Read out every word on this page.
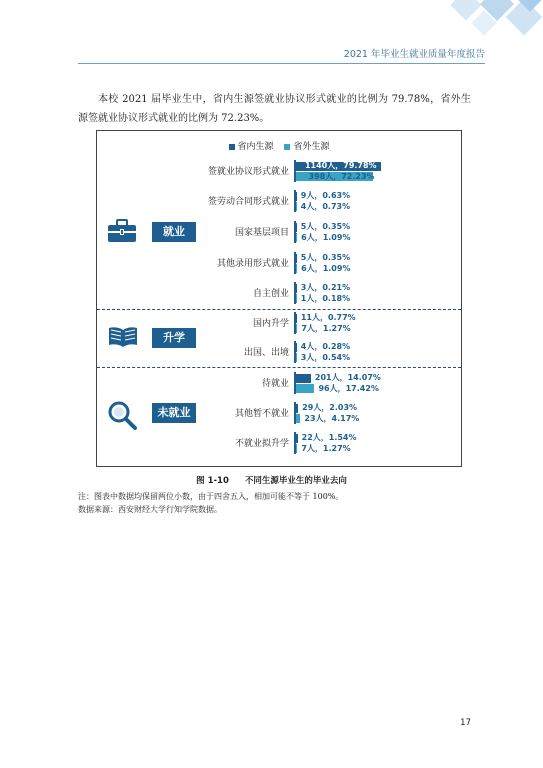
2021 年毕业生就业质量年度报告
本校 2021 届毕业生中，省内生源签就业协议形式就业的比例为 79.78%，省外生源签就业协议形式就业的比例为 72.23%。
省内生源 省外生源
就业
升学
未就业
签就业协议形式就业
1140人，79.78%
398人，72.23%
签劳动合同形式就业
9人，0.63%
4人，0.73%
国家基层项目
5人，0.35%
6人，1.09%
其他录用形式就业
5人，0.35%
6人，1.09%
自主创业
3人，0.21%
1人，0.18%
国内升学
11人，0.77%
7人，1.27%
出国、出境
4人，0.28%
3人，0.54%
待就业
201人，14.07%
96人，17.42%
其他暂不就业
29人，2.03%
23人，4.17%
不就业拟升学
22人，1.54%
7人，1.27%
图 1-10 不同生源毕业生的毕业去向
注：图表中数据均保留两位小数，由于四舍五入，相加可能不等于 100%。
数据来源：西安财经大学行知学院数据。
17
